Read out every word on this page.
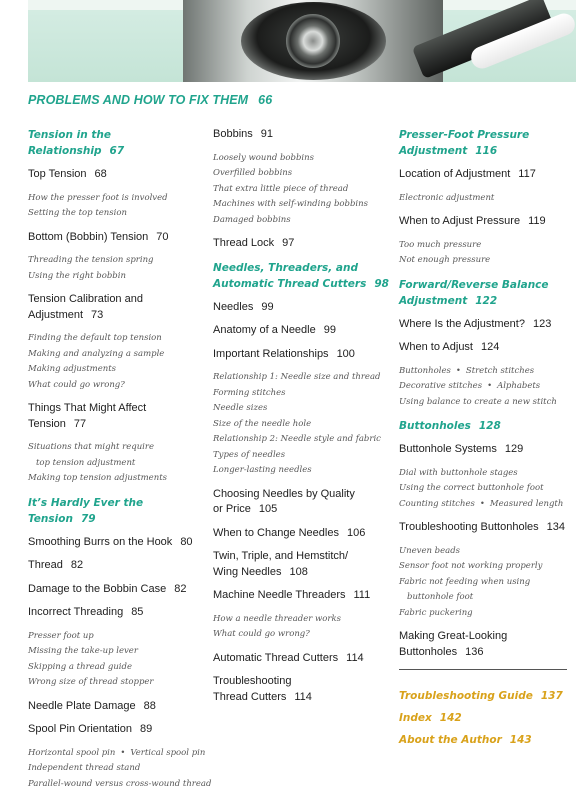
PROBLEMS AND HOW TO FIX THEM 66
Tension in the Relationship 67
Top Tension 68
How the presser foot is involved
Setting the top tension
Bottom (Bobbin) Tension 70
Threading the tension spring
Using the right bobbin
Tension Calibration and
Adjustment 73
Finding the default top tension
Making and analyzing a sample
Making adjustments
What could go wrong?
Things That Might Affect
Tension 77
Situations that might require
top tension adjustment
Making top tension adjustments
It’s Hardly Ever the Tension 79
Smoothing Burrs on the Hook 80
Thread 82
Damage to the Bobbin Case 82
Incorrect Threading 85
Presser foot up
Missing the take-up lever
Skipping a thread guide
Wrong size of thread stopper
Needle Plate Damage 88
Spool Pin Orientation 89
Horizontal spool pin • Vertical spool pin
Independent thread stand
Parallel-wound versus cross-wound thread
Bobbins 91
Loosely wound bobbins
Overfilled bobbins
That extra little piece of thread
Machines with self-winding bobbins
Damaged bobbins
Thread Lock 97
Needles, Threaders, and
Automatic Thread Cutters 98
Needles 99
Anatomy of a Needle 99
Important Relationships 100
Relationship 1: Needle size and thread
Forming stitches
Needle sizes
Size of the needle hole
Relationship 2: Needle style and fabric
Types of needles
Longer-lasting needles
Choosing Needles by Quality
or Price 105
When to Change Needles 106
Twin, Triple, and Hemstitch/
Wing Needles 108
Machine Needle Threaders 111
How a needle threader works
What could go wrong?
Automatic Thread Cutters 114
Troubleshooting
Thread Cutters 114
Presser-Foot Pressure
Adjustment 116
Location of Adjustment 117
Electronic adjustment
When to Adjust Pressure 119
Too much pressure
Not enough pressure
Forward/Reverse Balance
Adjustment 122
Where Is the Adjustment? 123
When to Adjust 124
Buttonholes • Stretch stitches
Decorative stitches • Alphabets
Using balance to create a new stitch
Buttonholes 128
Buttonhole Systems 129
Dial with buttonhole stages
Using the correct buttonhole foot
Counting stitches • Measured length
Troubleshooting Buttonholes 134
Uneven beads
Sensor foot not working properly
Fabric not feeding when using
buttonhole foot
Fabric puckering
Making Great-Looking
Buttonholes 136
Troubleshooting Guide 137
Index 142
About the Author 143
